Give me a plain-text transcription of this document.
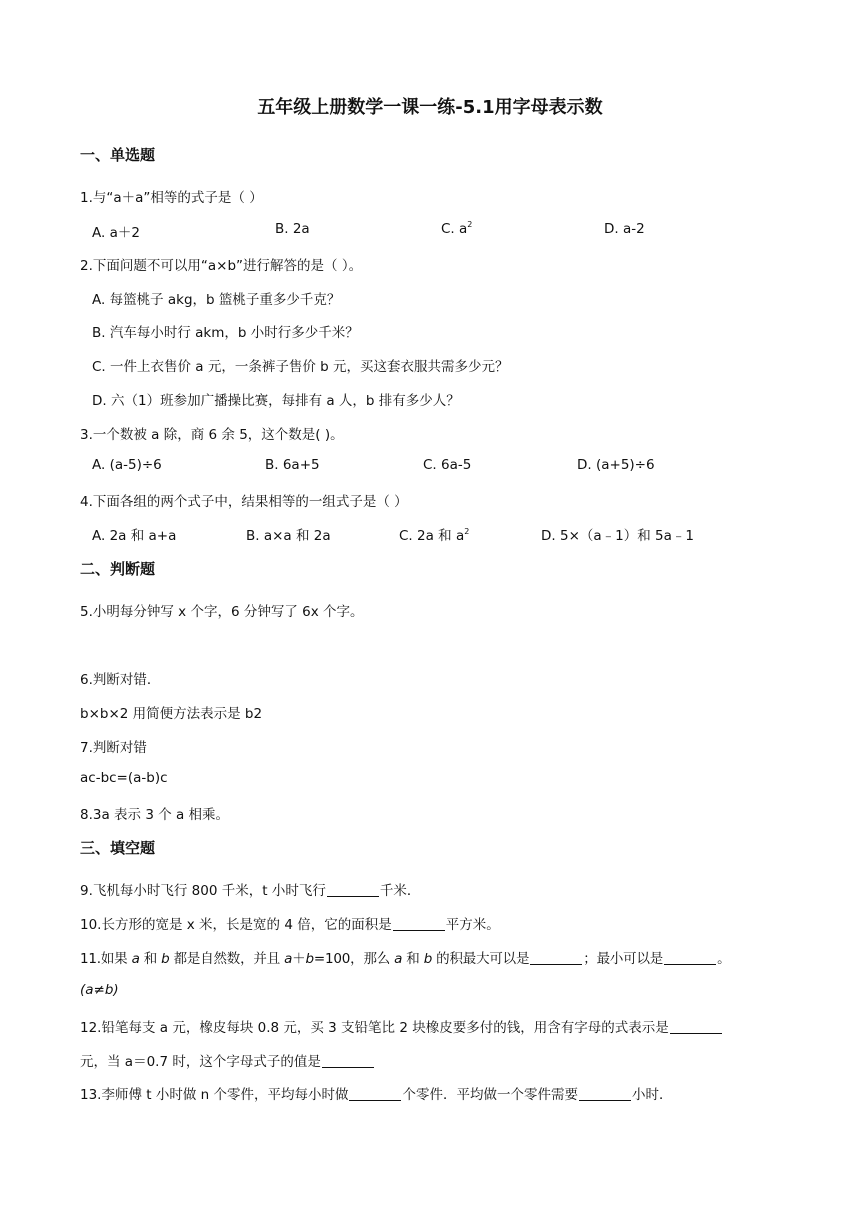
五年级上册数学一课一练-5.1用字母表示数
一、单选题
1.与“a＋a”相等的式子是（ ）
A. a＋2	B. 2a	C. $a^2$	D. a-2
2.下面问题不可以用“a×b”进行解答的是（ ）。
A. 每篮桃子 akg，b 篮桃子重多少千克？
B. 汽车每小时行 akm，b 小时行多少千米？
C. 一件上衣售价 a 元，一条裤子售价 b 元，买这套衣服共需多少元？
D. 六（1）班参加广播操比赛，每排有 a 人，b 排有多少人？
3.一个数被 a 除，商 6 余 5，这个数是( )。
A. (a-5)÷6	B. 6a+5	C. 6a-5	D. (a+5)÷6
4.下面各组的两个式子中，结果相等的一组式子是（ ）
A. 2a 和 a+a	B. a×a 和 2a	C. 2a 和 $a^2$	D. 5×（a﹣1）和 5a﹣1
二、判断题
5.小明每分钟写 x 个字，6 分钟写了 6x 个字。
6.判断对错．
b×b×2 用简便方法表示是 b2
7.判断对错
ac-bc=(a-b)c
8.3a 表示 3 个 a 相乘。
三、填空题
9.飞机每小时飞行 800 千米，t 小时飞行	千米．
10.长方形的宽是 x 米，长是宽的 4 倍，它的面积是	平方米。
11.如果 a 和 b 都是自然数，并且 a＋b=100，那么 a 和 b 的积最大可以是	；最小可以是	。
(a≠b)
12.铅笔每支 a 元，橡皮每块 0.8 元，买 3 支铅笔比 2 块橡皮要多付的钱，用含有字母的式表示是
元，当 a＝0.7 时，这个字母式子的值是
13.李师傅 t 小时做 n 个零件，平均每小时做	个零件．平均做一个零件需要	小时．
